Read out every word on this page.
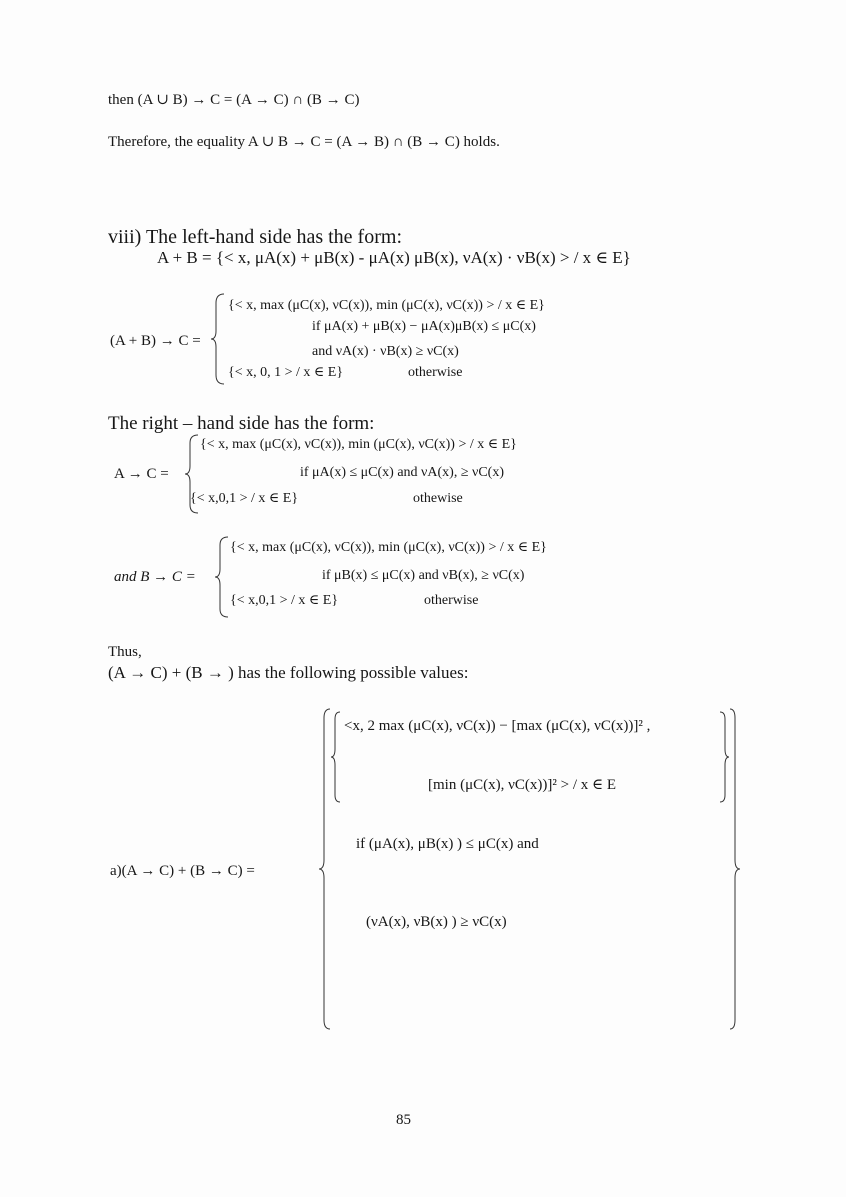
then (A ∪ B) → C = (A → C) ∩ (B → C)
Therefore, the equality A ∪ B → C = (A → B) ∩ (B → C) holds.
viii) The left-hand side has the form:
A + B = {< x, μA(x) + μB(x) - μA(x) μB(x), νA(x) · νB(x) > / x ∈ E}
(A + B) → C =
{< x, max (μC(x), νC(x)), min (μC(x), νC(x)) > / x ∈ E}
if μA(x) + μB(x) − μA(x)μB(x) ≤ μC(x)
and νA(x) · νB(x) ≥ νC(x)
{< x, 0, 1 > / x ∈ E}	otherwise
The right – hand side has the form:
A → C =
{< x, max (μC(x), νC(x)), min (μC(x), νC(x)) > / x ∈ E}
if μA(x) ≤ μC(x) and νA(x), ≥ νC(x)
{< x,0,1 > / x ∈ E}	othewise
and B → C =
{< x, max (μC(x), νC(x)), min (μC(x), νC(x)) > / x ∈ E}
if μB(x) ≤ μC(x) and νB(x), ≥ νC(x)
{< x,0,1 > / x ∈ E}	otherwise
Thus,
(A → C) + (B → ) has the following possible values:
a)(A → C) + (B → C) =
<x, 2 max (μC(x), νC(x)) − [max (μC(x), νC(x))]² ,
[min (μC(x), νC(x))]² > / x ∈ E
if (μA(x), μB(x) ) ≤ μC(x) and
(νA(x), νB(x) ) ≥ νC(x)
85
